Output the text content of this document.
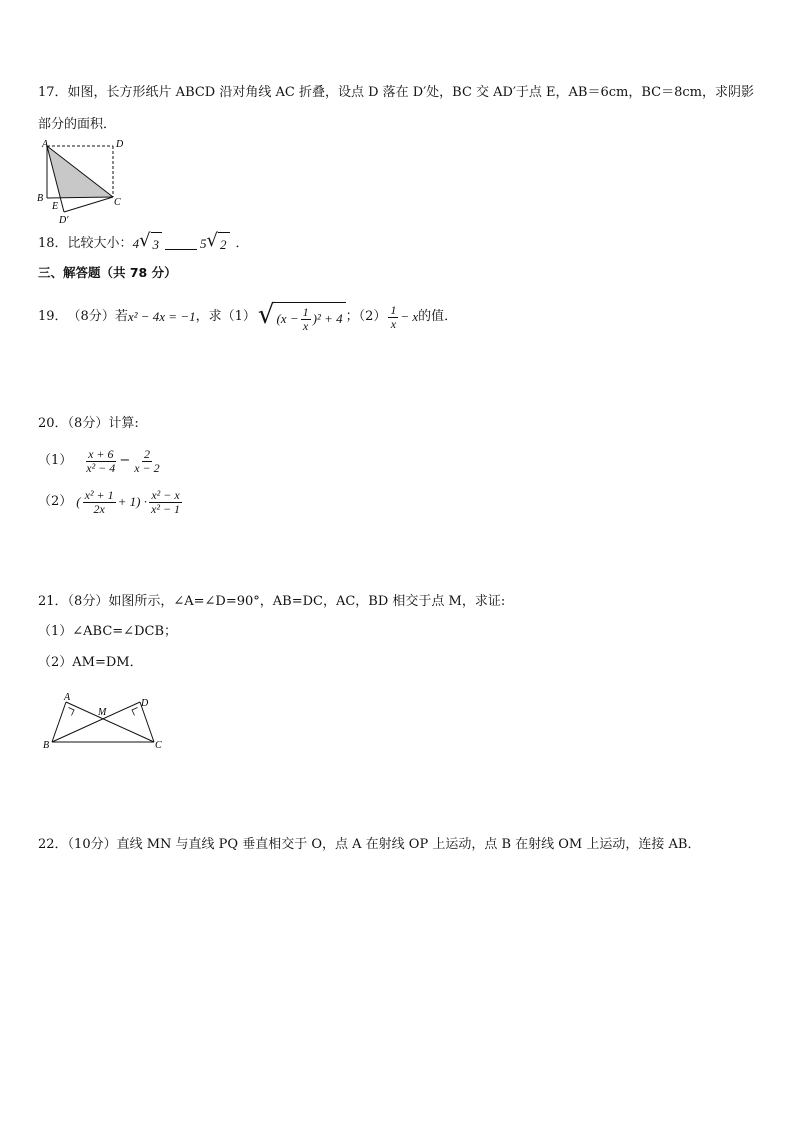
17．如图，长方形纸片 ABCD 沿对角线 AC 折叠，设点 D 落在 D′处，BC 交 AD′于点 E，AB＝6cm，BC＝8cm，求阴影
部分的面积．
A	D
B
E
D′
C
18． 比较大小： 4 √ 3	5 √ 2 ．
三、解答题（共 78 分）
19． （8分） 若 x² − 4x = −1 ，求（1） √ $(x - \frac{1}{x} )^2 + 4$ ；$(2) \frac{1}{x} - x$ 的值．
20．（8分）计算:
$(1) \frac{x + 6}{\text{x² − 4}} - \frac{2}{x - 2}$
（2） ( $\frac{\text{x² + 1}}{2x} + 1) \cdot \frac{\text{x² − x}}{\text{x² − 1}}$
21．（8分）如图所示，∠A=∠D=90°，AB=DC，AC，BD 相交于点 M，求证:
（1）∠ABC=∠DCB；
（2）AM=DM．
A
D
M
B	C
22．（10分）直线 MN 与直线 PQ 垂直相交于 O，点 A 在射线 OP 上运动，点 B 在射线 OM 上运动，连接 AB．
